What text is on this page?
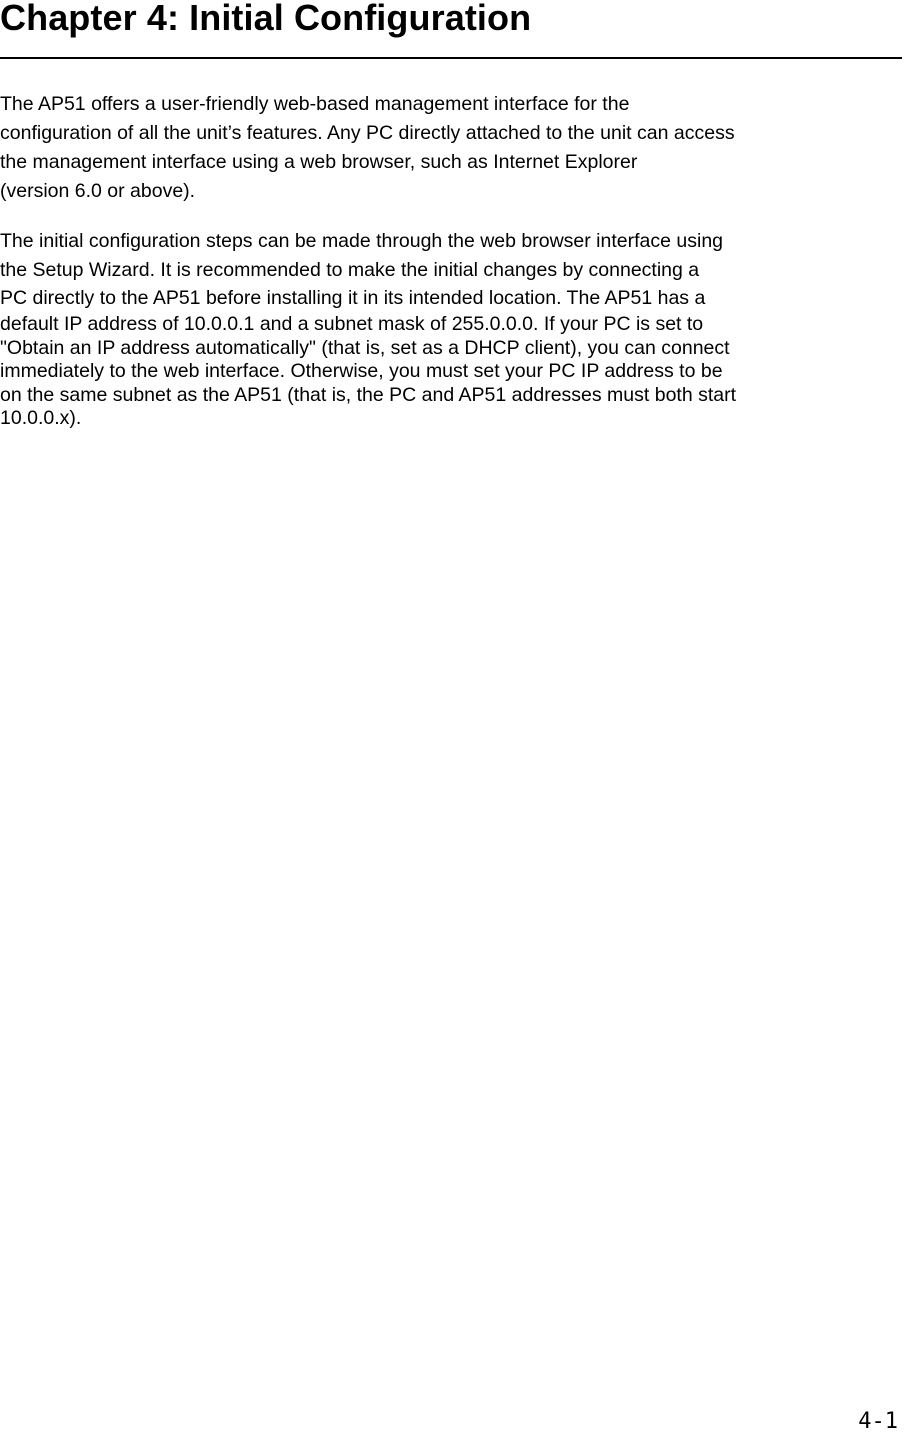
Chapter 4: Initial Configuration

The AP51 offers a user-friendly web-based management interface for the
configuration of all the unit’s features. Any PC directly attached to the unit can access
the management interface using a web browser, such as Internet Explorer
(version 6.0 or above).

The initial configuration steps can be made through the web browser interface using
the Setup Wizard. It is recommended to make the initial changes by connecting a
PC directly to the AP51 before installing it in its intended location. The AP51 has a
default IP address of 10.0.0.1 and a subnet mask of 255.0.0.0. If your PC is set to
"Obtain an IP address automatically" (that is, set as a DHCP client), you can connect
immediately to the web interface. Otherwise, you must set your PC IP address to be
on the same subnet as the AP51 (that is, the PC and AP51 addresses must both start
10.0.0.x).

4-1
